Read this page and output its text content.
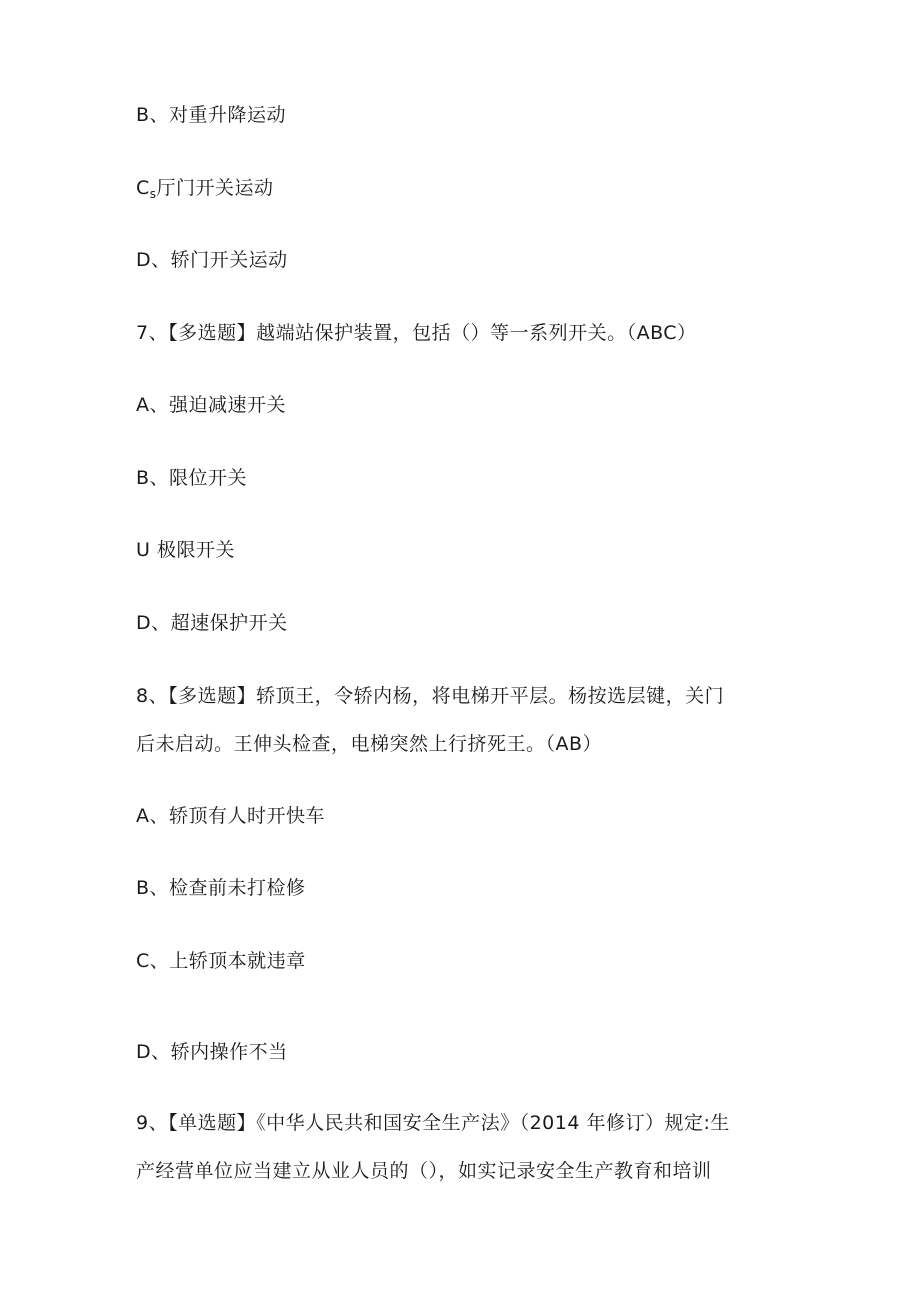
B、对重升降运动
$C_s$厅门开关运动
D、轿门开关运动
7、【多选题】越端站保护装置，包括（）等一系列开关。（ABC）
A、强迫减速开关
B、限位开关
U 极限开关
D、超速保护开关
8、【多选题】轿顶王，令轿内杨，将电梯开平层。杨按选层键，关门
后未启动。王伸头检查，电梯突然上行挤死王。（AB）
A、轿顶有人时开快车
B、检查前未打检修
C、上轿顶本就违章
D、轿内操作不当
9、【单选题】《中华人民共和国安全生产法》（2014 年修订）规定:生
产经营单位应当建立从业人员的（），如实记录安全生产教育和培训
